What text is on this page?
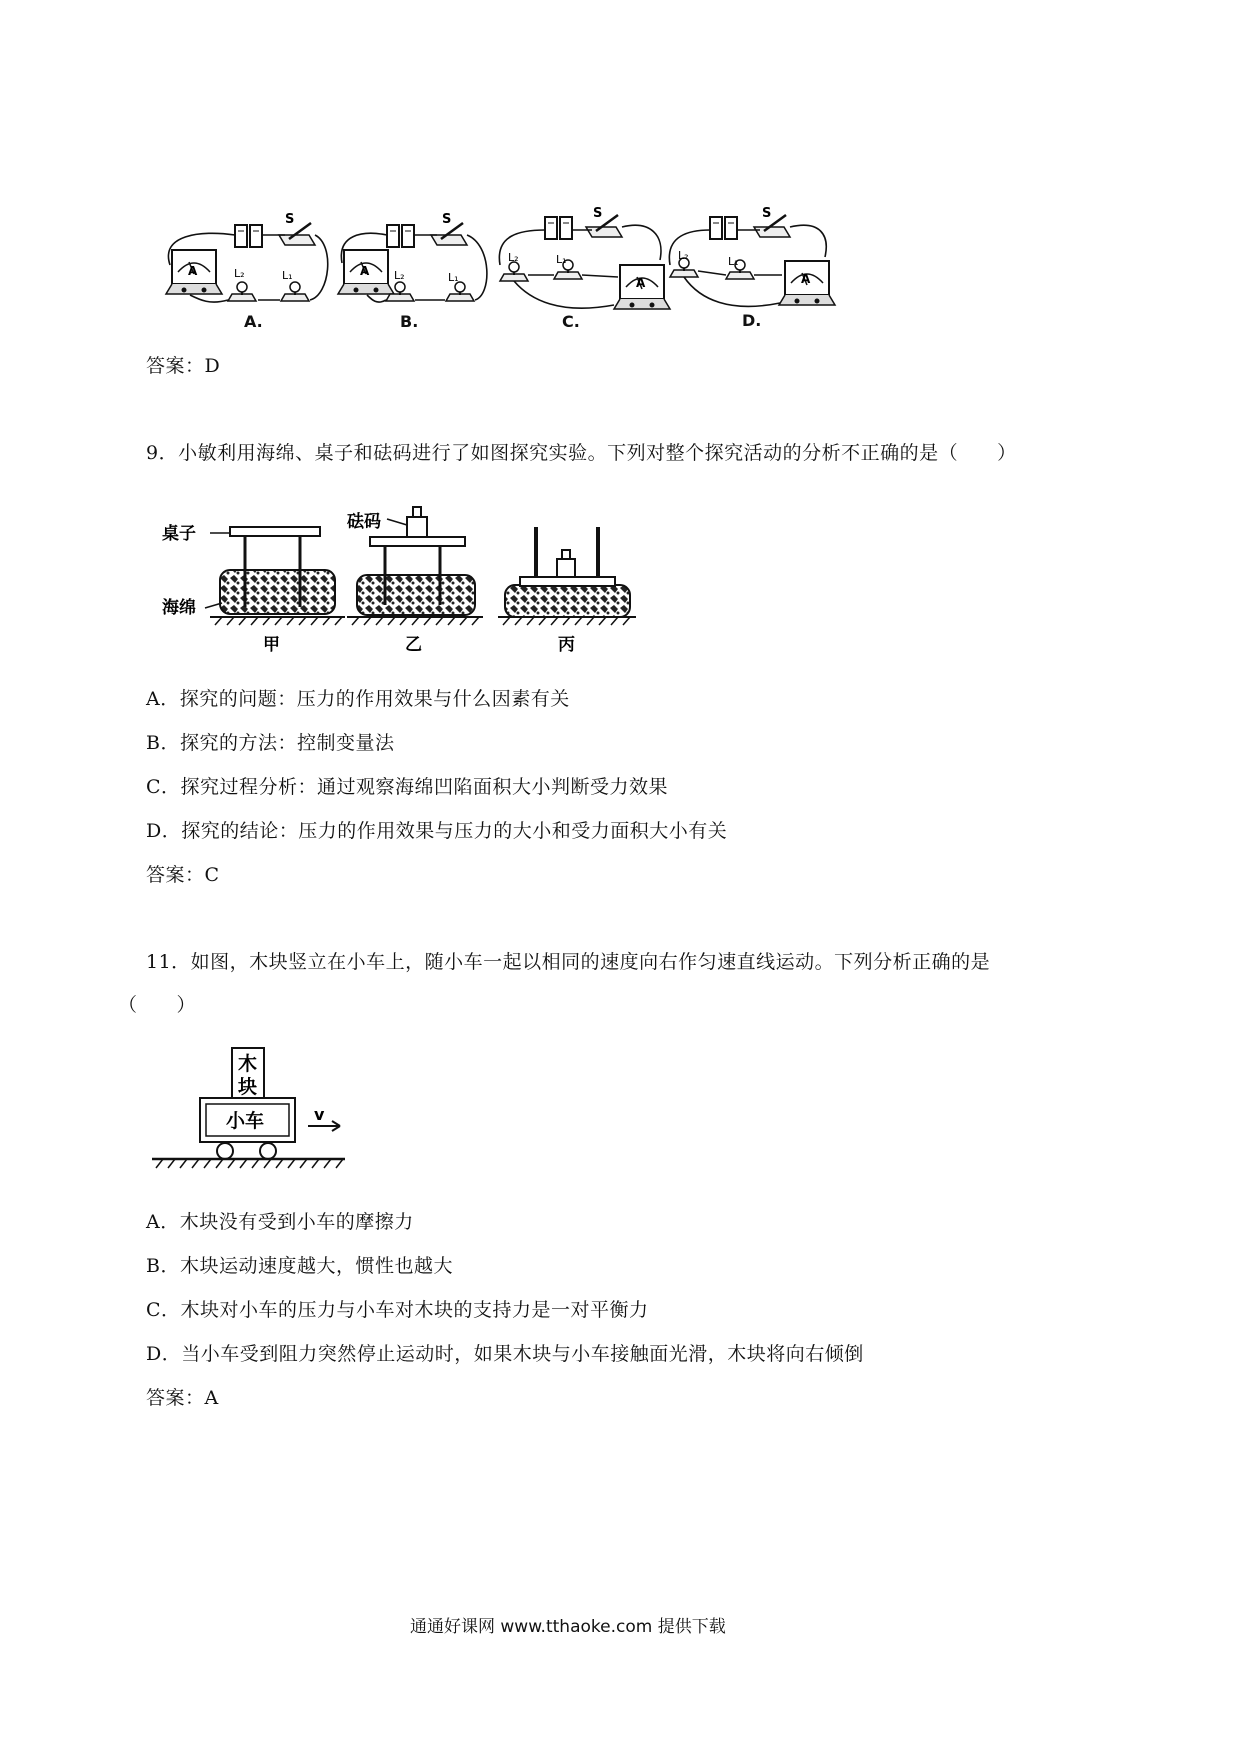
S
A	L₂	L₁
S
A L₂	L₁
S
A
L₂	L₁
S
A
L₂	L₁
A.	B.	C.	D.
答案：D
9．小敏利用海绵、桌子和砝码进行了如图探究实验。下列对整个探究活动的分析不正确的是（　　）
桌子
海绵
甲
砝码
乙	丙
A．探究的问题：压力的作用效果与什么因素有关
B．探究的方法：控制变量法
C．探究过程分析：通过观察海绵凹陷面积大小判断受力效果
D．探究的结论：压力的作用效果与压力的大小和受力面积大小有关
答案：C
11．如图，木块竖立在小车上，随小车一起以相同的速度向右作匀速直线运动。下列分析正确的是
（　　）
木
块
小车	v
A．木块没有受到小车的摩擦力
B．木块运动速度越大，惯性也越大
C．木块对小车的压力与小车对木块的支持力是一对平衡力
D．当小车受到阻力突然停止运动时，如果木块与小车接触面光滑，木块将向右倾倒
答案：A
通通好课网 www.tthaoke.com 提供下载
